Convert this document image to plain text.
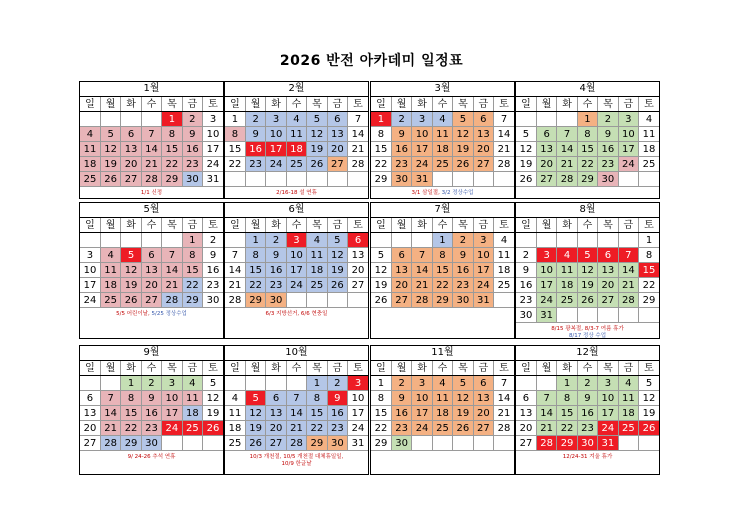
2026 반전 아카데미 일정표
1월
일	월	화	수	목	금	토
				1	2	3
4	5	6	7	8	9	10
11	12	13	14	15	16	17
18	19	20	21	22	23	24
25	26	27	28	29	30	31
1/1 신정
2월
일	월	화	수	목	금	토
1	2	3	4	5	6	7
8	9	10	11	12	13	14
15	16	17	18	19	20	21
22	23	24	25	26	27	28

2/16-18 설 연휴
3월
일	월	화	수	목	금	토
1	2	3	4	5	6	7
8	9	10	11	12	13	14
15	16	17	18	19	20	21
22	23	24	25	26	27	28
29	30	31				
3/1 삼일절, 3/2 정상수업
4월
일	월	화	수	목	금	토
			1	2	3	4
5	6	7	8	9	10	11
12	13	14	15	16	17	18
19	20	21	22	23	24	25
26	27	28	29	30		
5월
일	월	화	수	목	금	토
					1	2
3	4	5	6	7	8	9
10	11	12	13	14	15	16
17	18	19	20	21	22	23
24	25	26	27	28	29	30
5/5 어린이날, 5/25 정상수업
6월
일	월	화	수	목	금	토
	1	2	3	4	5	6
7	8	9	10	11	12	13
14	15	16	17	18	19	20
21	22	23	24	25	26	27
28	29	30				
6/3 지방선거, 6/6 현충일
7월
일	월	화	수	목	금	토
			1	2	3	4
5	6	7	8	9	10	11
12	13	14	15	16	17	18
19	20	21	22	23	24	25
26	27	28	29	30	31	
8월
일	월	화	수	목	금	토
						1
2	3	4	5	6	7	8
9	10	11	12	13	14	15
16	17	18	19	20	21	22
23	24	25	26	27	28	29
30	31					
8/15 광복절, 8/3-7 여름 휴가
8/17 정상 수업
9월
일	월	화	수	목	금	토
		1	2	3	4	5
6	7	8	9	10	11	12
13	14	15	16	17	18	19
20	21	22	23	24	25	26
27	28	29	30			
9/ 24-26 추석 연휴
10월
일	월	화	수	목	금	토
				1	2	3
4	5	6	7	8	9	10
11	12	13	14	15	16	17
18	19	20	21	22	23	24
25	26	27	28	29	30	31
10/3 개천절, 10/5 개천절 대체휴일일,
10/9 한글날
11월
일	월	화	수	목	금	토
1	2	3	4	5	6	7
8	9	10	11	12	13	14
15	16	17	18	19	20	21
22	23	24	25	26	27	28
29	30					
12월
일	월	화	수	목	금	토
		1	2	3	4	5
6	7	8	9	10	11	12
13	14	15	16	17	18	19
20	21	22	23	24	25	26
27	28	29	30	31		
12/24-31 겨울 휴가
